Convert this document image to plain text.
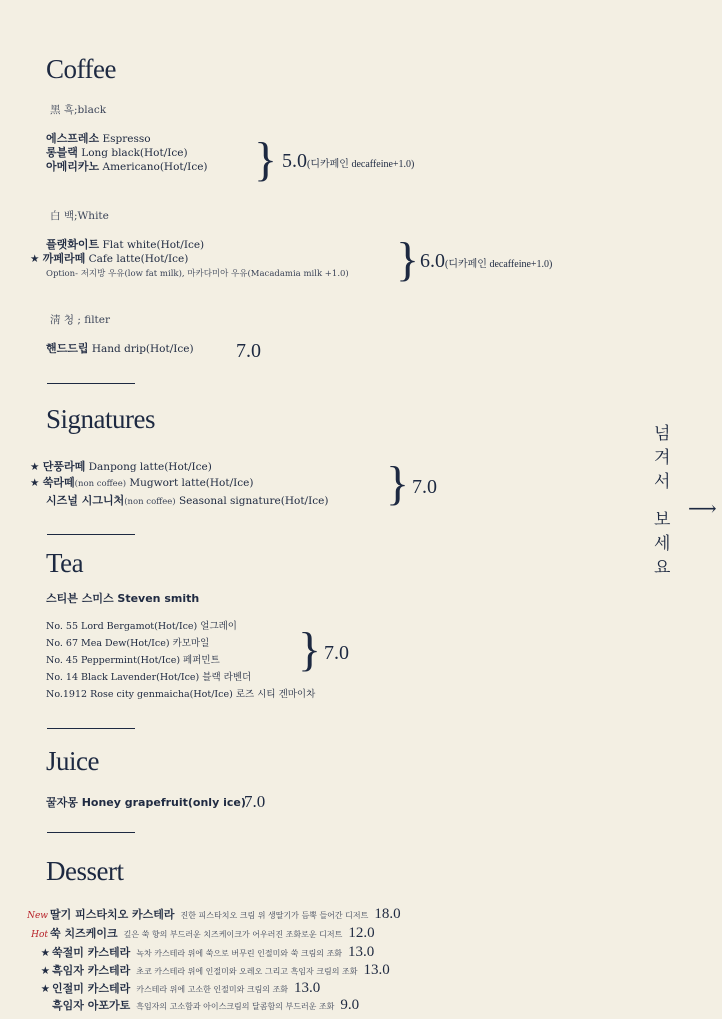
Coffee
黑 흑;black
에스프레소 Espresso
롱블랙 Long black(Hot/Ice)
아메리카노 Americano(Hot/Ice) } 5.0(디카페인 decaffeine+1.0)
白 백;White
플랫화이트 Flat white(Hot/Ice)
★ 까페라떼 Cafe latte(Hot/Ice)
Option- 저지방 우유(low fat milk), 마카다미아 우유(Macadamia milk +1.0) } 6.0(디카페인 decaffeine+1.0)
淸 청 ; filter
핸드드립 Hand drip(Hot/Ice) 7.0
Signatures
★ 단풍라떼 Danpong latte(Hot/Ice)
★ 쑥라떼(non coffee) Mugwort latte(Hot/Ice)
시즈널 시그니처(non coffee) Seasonal signature(Hot/Ice) } 7.0
Tea
스티븐 스미스 Steven smith
No. 55 Lord Bergamot(Hot/Ice) 얼그레이
No. 67 Mea Dew(Hot/Ice) 카모마일
No. 45 Peppermint(Hot/Ice) 페퍼민트
No. 14 Black Lavender(Hot/Ice) 블랙 라벤더
No.1912 Rose city genmaicha(Hot/Ice) 로즈 시티 겐마이차
} 7.0
Juice
꿀자몽 Honey grapefruit(only ice)
7.0
Dessert
New 딸기 피스타치오 카스테라 진한 피스타치오 크림 위 생딸기가 듬뿍 들어간 디저트 18.0
Hot 쑥 치즈케이크 깊은 쑥 향의 부드러운 치즈케이크가 어우러진 조화로운 디저트 12.0
★ 쑥절미 카스테라 녹차 카스테라 위에 쑥으로 버무린 인절미와 쑥 크림의 조화 13.0
★ 흑임자 카스테라 초코 카스테라 위에 인절미와 오레오 그리고 흑임자 크림의 조화 13.0
★ 인절미 카스테라 카스테라 위에 고소한 인절미와 크림의 조화 13.0
흑임자 아포가토 흑임자의 고소함과 아이스크림의 달콤함의 부드러운 조화 9.0
넘
겨
서
보
세
요
⟶
